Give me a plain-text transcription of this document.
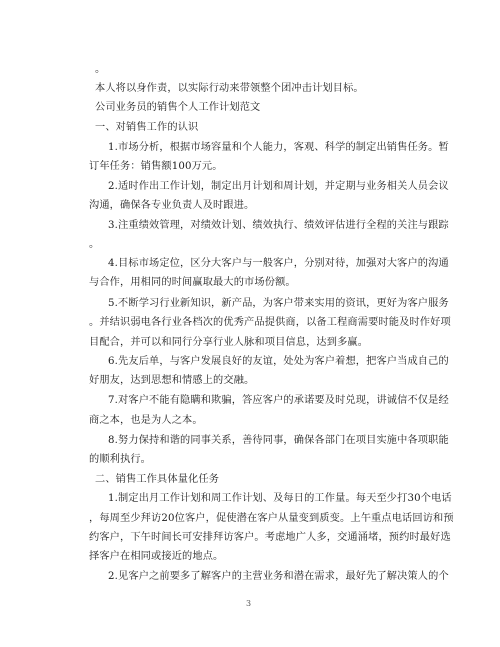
。
本人将以身作责，以实际行动来带领整个团冲击计划目标。
公司业务员的销售个人工作计划范文
一、对销售工作的认识
1.市场分析，根据市场容量和个人能力，客观、科学的制定出销售任务。暂
订年任务：销售额100万元。
2.适时作出工作计划，制定出月计划和周计划，并定期与业务相关人员会议
沟通，确保各专业负责人及时跟进。
3.注重绩效管理，对绩效计划、绩效执行、绩效评估进行全程的关注与跟踪
。
4.目标市场定位，区分大客户与一般客户，分别对待，加强对大客户的沟通
与合作，用相同的时间赢取最大的市场份额。
5.不断学习行业新知识，新产品，为客户带来实用的资讯，更好为客户服务
。并结识弱电各行业各档次的优秀产品提供商，以备工程商需要时能及时作好项
目配合，并可以和同行分享行业人脉和项目信息，达到多赢。
6.先友后单，与客户发展良好的友谊，处处为客户着想，把客户当成自己的
好朋友，达到思想和情感上的交融。
7.对客户不能有隐瞒和欺骗，答应客户的承诺要及时兑现，讲诚信不仅是经
商之本，也是为人之本。
8.努力保持和谐的同事关系，善待同事，确保各部门在项目实施中各项职能
的顺利执行。
二、销售工作具体量化任务
1.制定出月工作计划和周工作计划、及每日的工作量。每天至少打30个电话
，每周至少拜访20位客户，促使潜在客户从量变到质变。上午重点电话回访和预
约客户，下午时间长可安排拜访客户。考虑地广人多，交通涌堵，预约时最好选
择客户在相同或接近的地点。
2.见客户之前要多了解客户的主营业务和潜在需求，最好先了解决策人的个
3
